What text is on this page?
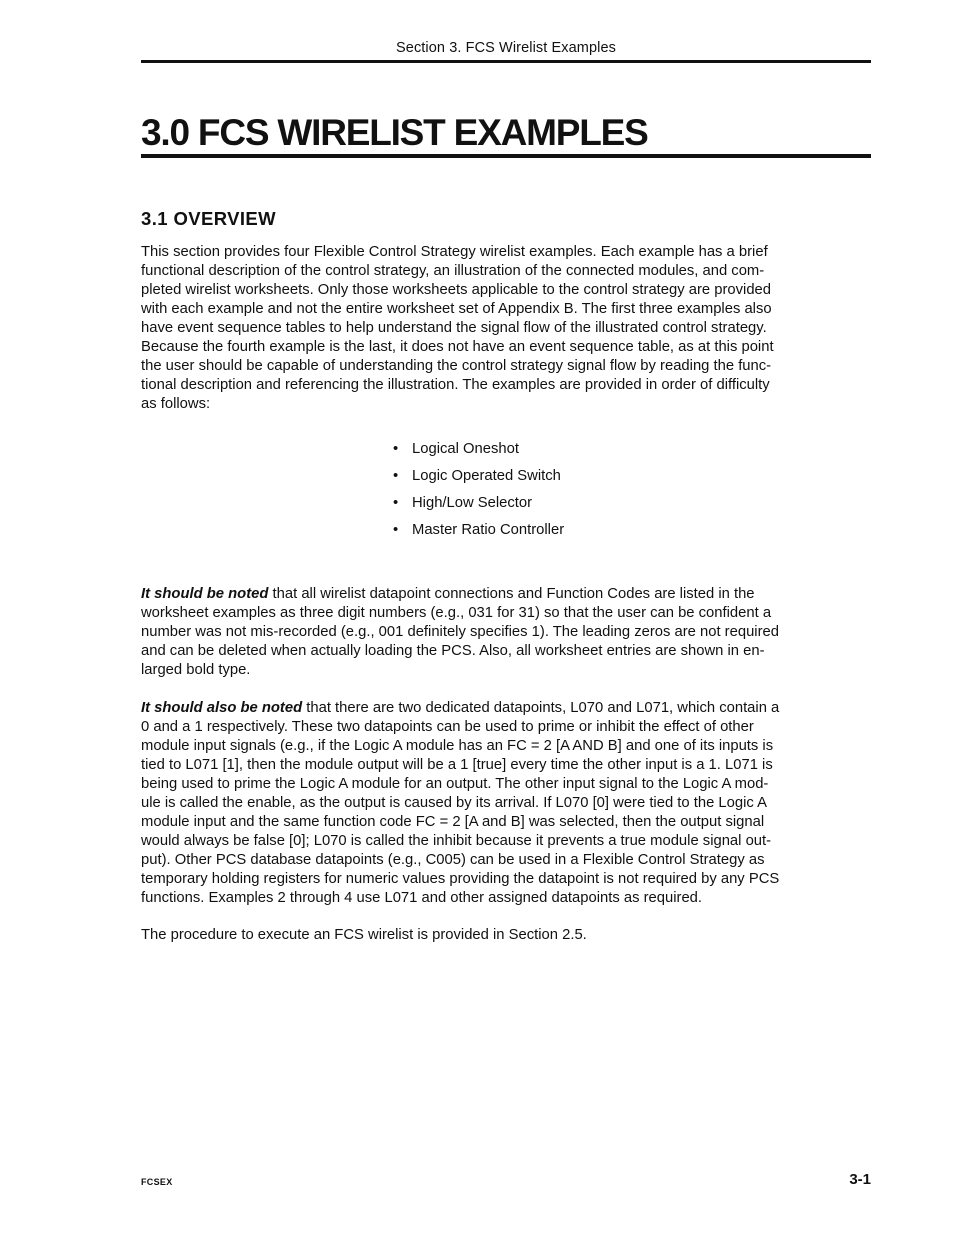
Section 3. FCS Wirelist Examples
3.0 FCS WIRELIST EXAMPLES
3.1 OVERVIEW

This section provides four Flexible Control Strategy wirelist examples. Each example has a brief
functional description of the control strategy, an illustration of the connected modules, and com-
pleted wirelist worksheets. Only those worksheets applicable to the control strategy are provided
with each example and not the entire worksheet set of Appendix B. The first three examples also
have event sequence tables to help understand the signal flow of the illustrated control strategy.
Because the fourth example is the last, it does not have an event sequence table, as at this point
the user should be capable of understanding the control strategy signal flow by reading the func-
tional description and referencing the illustration. The examples are provided in order of difficulty
as follows:

• Logical Oneshot
• Logic Operated Switch
• High/Low Selector
• Master Ratio Controller

It should be noted that all wirelist datapoint connections and Function Codes are listed in the
worksheet examples as three digit numbers (e.g., 031 for 31) so that the user can be confident a
number was not mis-recorded (e.g., 001 definitely specifies 1). The leading zeros are not required
and can be deleted when actually loading the PCS. Also, all worksheet entries are shown in en-
larged bold type.

It should also be noted that there are two dedicated datapoints, L070 and L071, which contain a
0 and a 1 respectively. These two datapoints can be used to prime or inhibit the effect of other
module input signals (e.g., if the Logic A module has an FC = 2 [A AND B] and one of its inputs is
tied to L071 [1], then the module output will be a 1 [true] every time the other input is a 1. L071 is
being used to prime the Logic A module for an output. The other input signal to the Logic A mod-
ule is called the enable, as the output is caused by its arrival. If L070 [0] were tied to the Logic A
module input and the same function code FC = 2 [A and B] was selected, then the output signal
would always be false [0]; L070 is called the inhibit because it prevents a true module signal out-
put). Other PCS database datapoints (e.g., C005) can be used in a Flexible Control Strategy as
temporary holding registers for numeric values providing the datapoint is not required by any PCS
functions. Examples 2 through 4 use L071 and other assigned datapoints as required.

The procedure to execute an FCS wirelist is provided in Section 2.5.

FCSEX	3-1
